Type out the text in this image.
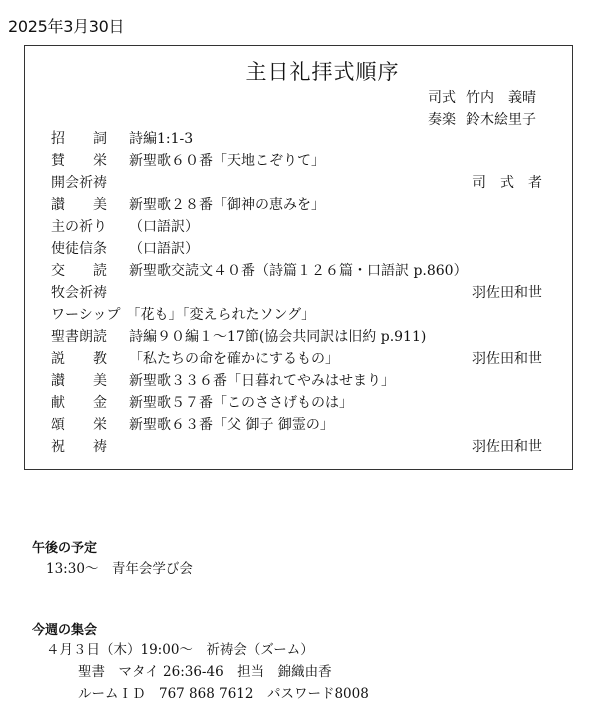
2025年3月30日
主日礼拝式順序
司式 竹内　義晴
奏楽 鈴木絵里子
招　　詞 詩編1:1-3
賛　　栄 新聖歌６０番「天地こぞりて」
開会祈祷	司　式　者
讃　　美 新聖歌２８番「御神の恵みを」
主の祈り （口語訳）
使徒信条 （口語訳）
交　　読 新聖歌交読文４０番（詩篇１２６篇・口語訳 p.860）
牧会祈祷	羽佐田和世
ワーシップ 「花も」「変えられたソング」
聖書朗読 詩編９０編１～17節(協会共同訳は旧約 p.911)
説　　教 「私たちの命を確かにするもの」	羽佐田和世
讃　　美 新聖歌３３６番「日暮れてやみはせまり」
献　　金 新聖歌５７番「このささげものは」
頌　　栄 新聖歌６３番「父 御子 御霊の」
祝　　祷	羽佐田和世
午後の予定
13:30～　青年会学び会
今週の集会
４月３日（木）19:00～　祈祷会（ズーム）
聖書　マタイ 26:36-46　担当　錦織由香
ルームＩＤ　767 868 7612　パスワード8008
